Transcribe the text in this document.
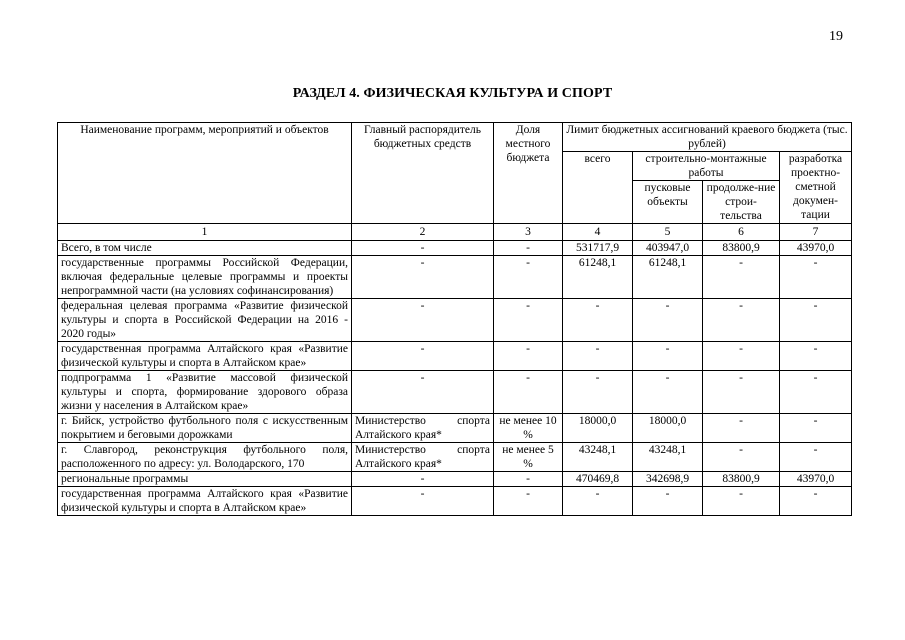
19
РАЗДЕЛ 4. ФИЗИЧЕСКАЯ КУЛЬТУРА И СПОРТ
Наименование программ, мероприятий и объектов	Главный распорядитель бюджетных средств	Доля местного бюджета	Лимит бюджетных ассигнований краевого бюджета (тыс. рублей)			
			всего	строительно-монтажные работы		разработка проектно-сметной докумен-тации
				пусковые объекты	продолже-ние строи-тельства	
1	2	3	4	5	6	7
Всего, в том числе	-	-	531717,9	403947,0	83800,9	43970,0
государственные программы Российской Федерации, включая федеральные целевые программы и проекты непрограммной части (на условиях софинансирования)	-	-	61248,1	61248,1	-	-
федеральная целевая программа «Развитие физической культуры и спорта в Российской Федерации на 2016 - 2020 годы»	-	-	-	-	-	-
государственная программа Алтайского края «Развитие физической культуры и спорта в Алтайском крае»	-	-	-	-	-	-
подпрограмма 1 «Развитие массовой физической культуры и спорта, формирование здорового образа жизни у населения в Алтайском крае»	-	-	-	-	-	-
г. Бийск, устройство футбольного поля с искусственным покрытием и беговыми дорожками	Министерство спорта Алтайского края*	не менее 10 %	18000,0	18000,0	-	-
г. Славгород, реконструкция футбольного поля, расположенного по адресу: ул. Володарского, 170	Министерство спорта Алтайского края*	не менее 5 %	43248,1	43248,1	-	-
региональные программы	-	-	470469,8	342698,9	83800,9	43970,0
государственная программа Алтайского края «Развитие физической культуры и спорта в Алтайском крае»	-	-	-	-	-	-
